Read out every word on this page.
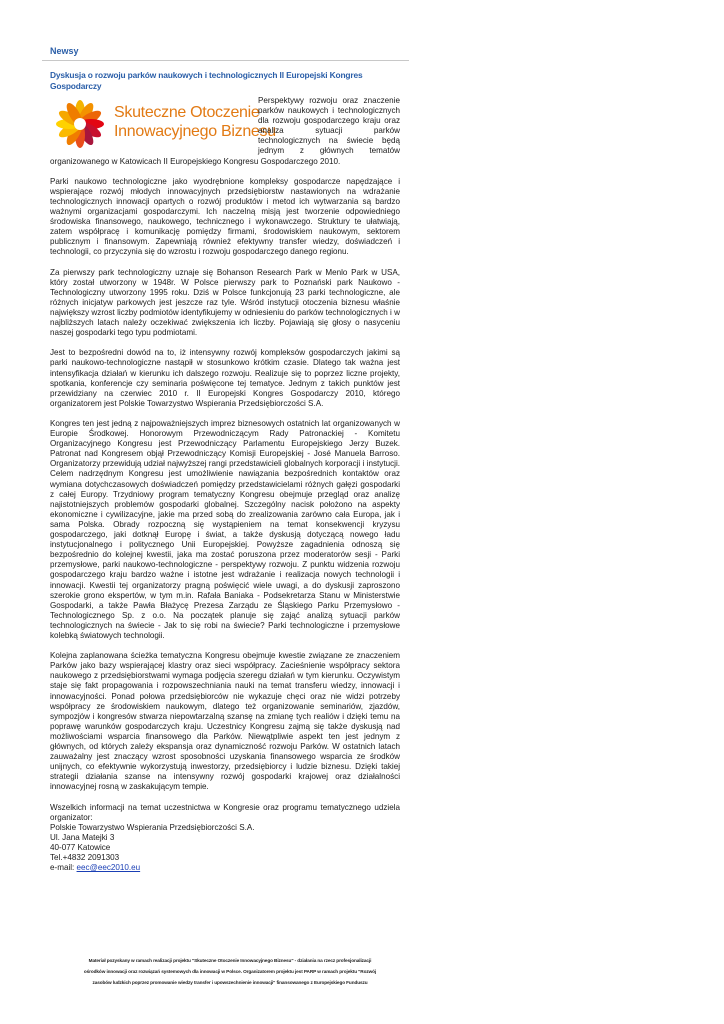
Newsy
Dyskusja o rozwoju parków naukowych i technologicznych II Europejski Kongres Gospodarczy
Skuteczne Otoczenie
Innowacyjnego Biznesu

Perspektywy rozwoju oraz znaczenie parków naukowych i technologicznych dla rozwoju gospodarczego kraju oraz analiza sytuacji parków technologicznych na świecie będą jednym z głównych tematów organizowanego w Katowicach II Europejskiego Kongresu Gospodarczego 2010.

Parki naukowo technologiczne jako wyodrębnione kompleksy gospodarcze napędzające i wspierające rozwój młodych innowacyjnych przedsiębiorstw nastawionych na wdrażanie technologicznych innowacji opartych o rozwój produktów i metod ich wytwarzania są bardzo ważnymi organizacjami gospodarczymi. Ich naczelną misją jest tworzenie odpowiedniego środowiska finansowego, naukowego, technicznego i wykonawczego. Struktury te ułatwiają, zatem współpracę i komunikację pomiędzy firmami, środowiskiem naukowym, sektorem publicznym i finansowym. Zapewniają również efektywny transfer wiedzy, doświadczeń i technologii, co przyczynia się do wzrostu i rozwoju gospodarczego danego regionu.

Za pierwszy park technologiczny uznaje się Bohanson Research Park w Menlo Park w USA, który został utworzony w 1948r. W Polsce pierwszy park to Poznański park Naukowo - Technologiczny utworzony 1995 roku. Dziś w Polsce funkcjonują 23 parki technologiczne, ale różnych inicjatyw parkowych jest jeszcze raz tyle. Wśród instytucji otoczenia biznesu właśnie największy wzrost liczby podmiotów identyfikujemy w odniesieniu do parków technologicznych i w najbliższych latach należy oczekiwać zwiększenia ich liczby. Pojawiają się głosy o nasyceniu naszej gospodarki tego typu podmiotami.

Jest to bezpośredni dowód na to, iż intensywny rozwój kompleksów gospodarczych jakimi są parki naukowo-technologiczne nastąpił w stosunkowo krótkim czasie. Dlatego tak ważna jest intensyfikacja działań w kierunku ich dalszego rozwoju. Realizuje się to poprzez liczne projekty, spotkania, konferencje czy seminaria poświęcone tej tematyce. Jednym z takich punktów jest przewidziany na czerwiec 2010 r. II Europejski Kongres Gospodarczy 2010, którego organizatorem jest Polskie Towarzystwo Wspierania Przedsiębiorczości S.A.

Kongres ten jest jedną z najpoważniejszych imprez biznesowych ostatnich lat organizowanych w Europie Środkowej. Honorowym Przewodniczącym Rady Patronackiej - Komitetu Organizacyjnego Kongresu jest Przewodniczący Parlamentu Europejskiego Jerzy Buzek. Patronat nad Kongresem objął Przewodniczący Komisji Europejskiej - José Manuela Barroso. Organizatorzy przewidują udział najwyższej rangi przedstawicieli globalnych korporacji i instytucji. Celem nadrzędnym Kongresu jest umożliwienie nawiązania bezpośrednich kontaktów oraz wymiana dotychczasowych doświadczeń pomiędzy przedstawicielami różnych gałęzi gospodarki z całej Europy. Trzydniowy program tematyczny Kongresu obejmuje przegląd oraz analizę najistotniejszych problemów gospodarki globalnej. Szczególny nacisk położono na aspekty ekonomiczne i cywilizacyjne, jakie ma przed sobą do zrealizowania zarówno cała Europa, jak i sama Polska. Obrady rozpoczną się wystąpieniem na temat konsekwencji kryzysu gospodarczego, jaki dotknął Europę i świat, a także dyskusją dotyczącą nowego ładu instytucjonalnego i politycznego Unii Europejskiej. Powyższe zagadnienia odnoszą się bezpośrednio do kolejnej kwestii, jaka ma zostać poruszona przez moderatorów sesji - Parki przemysłowe, parki naukowo-technologiczne - perspektywy rozwoju. Z punktu widzenia rozwoju gospodarczego kraju bardzo ważne i istotne jest wdrażanie i realizacja nowych technologii i innowacji. Kwestii tej organizatorzy pragną poświęcić wiele uwagi, a do dyskusji zaproszono szerokie grono ekspertów, w tym m.in. Rafała Baniaka - Podsekretarza Stanu w Ministerstwie Gospodarki, a także Pawła Błażycę Prezesa Zarządu ze Śląskiego Parku Przemysłowo - Technologicznego Sp. z o.o. Na początek planuje się zająć analizą sytuacji parków technologicznych na świecie - Jak to się robi na świecie? Parki technologiczne i przemysłowe kolebką światowych technologii.

Kolejna zaplanowana ścieżka tematyczna Kongresu obejmuje kwestie związane ze znaczeniem Parków jako bazy wspierającej klastry oraz sieci współpracy. Zacieśnienie współpracy sektora naukowego z przedsiębiorstwami wymaga podjęcia szeregu działań w tym kierunku. Oczywistym staje się fakt propagowania i rozpowszechniania nauki na temat transferu wiedzy, innowacji i innowacyjności. Ponad połowa przedsiębiorców nie wykazuje chęci oraz nie widzi potrzeby współpracy ze środowiskiem naukowym, dlatego też organizowanie seminariów, zjazdów, sympozjów i kongresów stwarza niepowtarzalną szansę na zmianę tych realiów i dzięki temu na poprawę warunków gospodarczych kraju. Uczestnicy Kongresu zajmą się także dyskusją nad możliwościami wsparcia finansowego dla Parków. Niewątpliwie aspekt ten jest jednym z głównych, od których zależy ekspansja oraz dynamiczność rozwoju Parków. W ostatnich latach zauważalny jest znaczący wzrost sposobności uzyskania finansowego wsparcia ze środków unijnych, co efektywnie wykorzystują inwestorzy, przedsiębiorcy i ludzie biznesu. Dzięki takiej strategii działania szanse na intensywny rozwój gospodarki krajowej oraz działalności innowacyjnej rosną w zaskakującym tempie.

Wszelkich informacji na temat uczestnictwa w Kongresie oraz programu tematycznego udziela organizator:
Polskie Towarzystwo Wspierania Przedsiębiorczości S.A.
Ul. Jana Matejki 3
40-077 Katowice
Tel.+4832 2091303
e-mail: eec@eec2010.eu
Materiał pozyskany w ramach realizacji projektu "Skuteczne Otoczenie Innowacyjnego Biznesu" - działania na rzecz profesjonalizacji
ośrodków innowacji oraz rozwiązań systemowych dla innowacji w Polsce. Organizatorem projektu jest PARP w ramach projektu "Rozwój
zasobów ludzkich poprzez promowanie wiedzy transfer i upowszechnienie innowacji" finansowanego z Europejskiego Funduszu
